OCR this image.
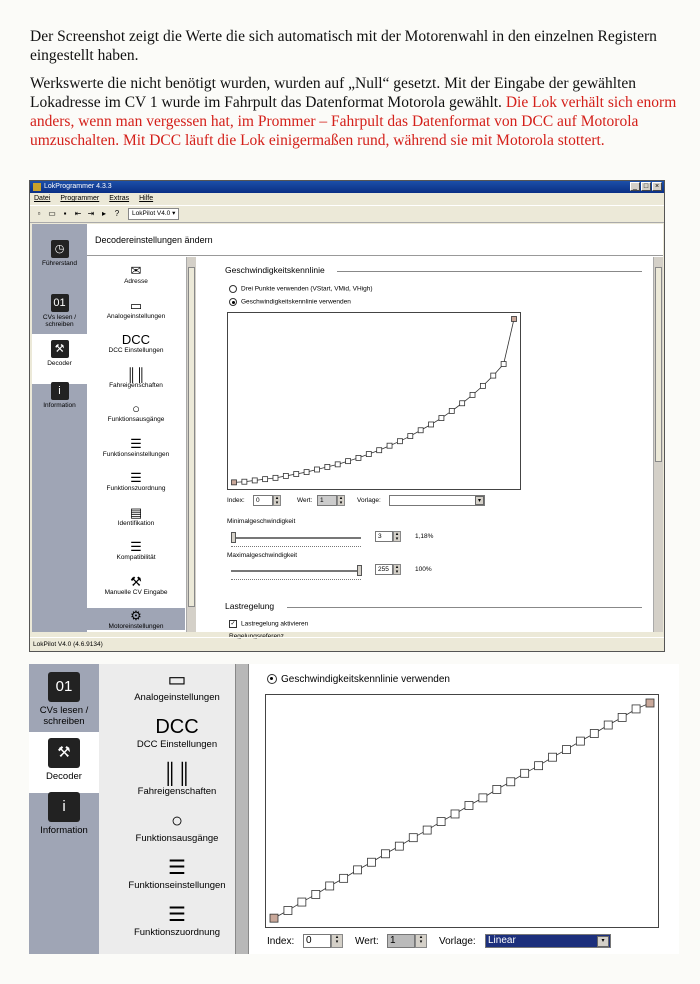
Der Screenshot zeigt die Werte die sich automatisch mit der Motorenwahl in den einzelnen Registern eingestellt haben.
Werkswerte die nicht benötigt wurden, wurden auf „Null“ gesetzt. Mit der Eingabe der gewählten Lokadresse im CV 1 wurde im Fahrpult das Datenformat Motorola gewählt. Die Lok verhält sich enorm anders, wenn man vergessen hat, im Prommer – Fahrpult das Datenformat von DCC auf Motorola umzuschalten. Mit DCC läuft die Lok einigermaßen rund, während sie mit Motorola stottert.
LokProgrammer 4.3.3	_ □ ×
Datei Programmer Extras Hilfe
▫ ▭ ▪	⇤ ⇥ ▸	?	LokPilot V4.0 ▾
◷
Führerstand
01
CVs lesen / schreiben
⚒
Decoder
i
Information
Decodereinstellungen ändern
✉
Adresse
▭
Analogeinstellungen
DCC
DCC Einstellungen
║║
Fahreigenschaften
○
Funktionsausgänge
☰
Funktionseinstellungen
☰
Funktionszuordnung
▤
Identifikation
☰
Kompatibilität
⚒
Manuelle CV Eingabe
⚙
Motoreinstellungen
Geschwindigkeitskennlinie
Drei Punkte verwenden (VStart, VMid, VHigh)
Geschwindigkeitskennlinie verwenden
Index:	0	▴
▾	Wert:	1	▴
▾	Vorlage:	▾
Minimalgeschwindigkeit
3	▴
▾	1,18%
Maximalgeschwindigkeit
255	▴
▾	100%
Lastregelung
✓ Lastregelung aktivieren
Regelungsreferenz
LokPilot V4.0 (4.6.9134)
01
CVs lesen / schreiben
⚒
Decoder
i
Information
▭
Analogeinstellungen
DCC
DCC Einstellungen
║║
Fahreigenschaften
○
Funktionsausgänge
☰
Funktionseinstellungen
☰
Funktionszuordnung
Geschwindigkeitskennlinie verwenden
Index:	0	▴
▾	Wert:	1	▴
▾	Vorlage:	Linear	▾
